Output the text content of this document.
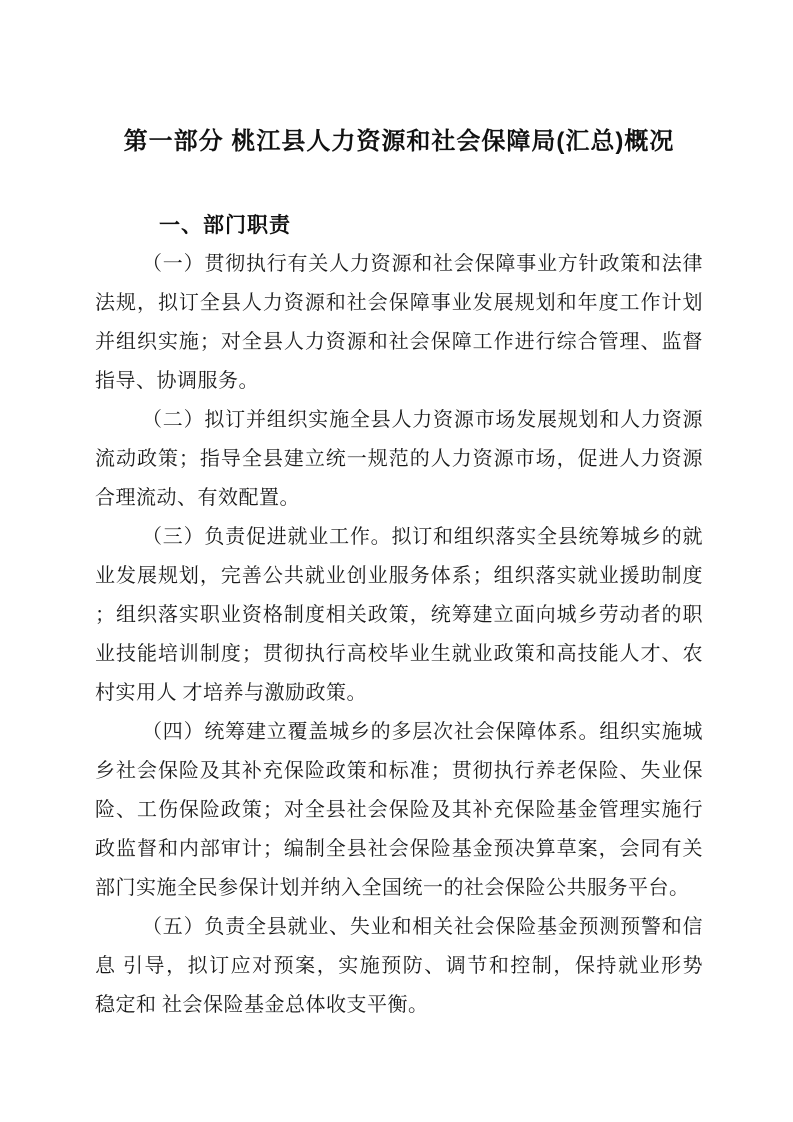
第一部分 桃江县人力资源和社会保障局(汇总)概况
一、部门职责
（一）贯彻执行有关人力资源和社会保障事业方针政策和法律
法规，拟订全县人力资源和社会保障事业发展规划和年度工作计划
并组织实施；对全县人力资源和社会保障工作进行综合管理、监督
指导、协调服务。
（二）拟订并组织实施全县人力资源市场发展规划和人力资源
流动政策；指导全县建立统一规范的人力资源市场，促进人力资源
合理流动、有效配置。
（三）负责促进就业工作。拟订和组织落实全县统筹城乡的就
业发展规划，完善公共就业创业服务体系；组织落实就业援助制度
；组织落实职业资格制度相关政策，统筹建立面向城乡劳动者的职
业技能培训制度；贯彻执行高校毕业生就业政策和高技能人才、农
村实用人 才培养与激励政策。
（四）统筹建立覆盖城乡的多层次社会保障体系。组织实施城
乡社会保险及其补充保险政策和标准；贯彻执行养老保险、失业保
险、工伤保险政策；对全县社会保险及其补充保险基金管理实施行
政监督和内部审计；编制全县社会保险基金预决算草案，会同有关
部门实施全民参保计划并纳入全国统一的社会保险公共服务平台。
（五）负责全县就业、失业和相关社会保险基金预测预警和信
息 引导，拟订应对预案，实施预防、调节和控制，保持就业形势
稳定和 社会保险基金总体收支平衡。
